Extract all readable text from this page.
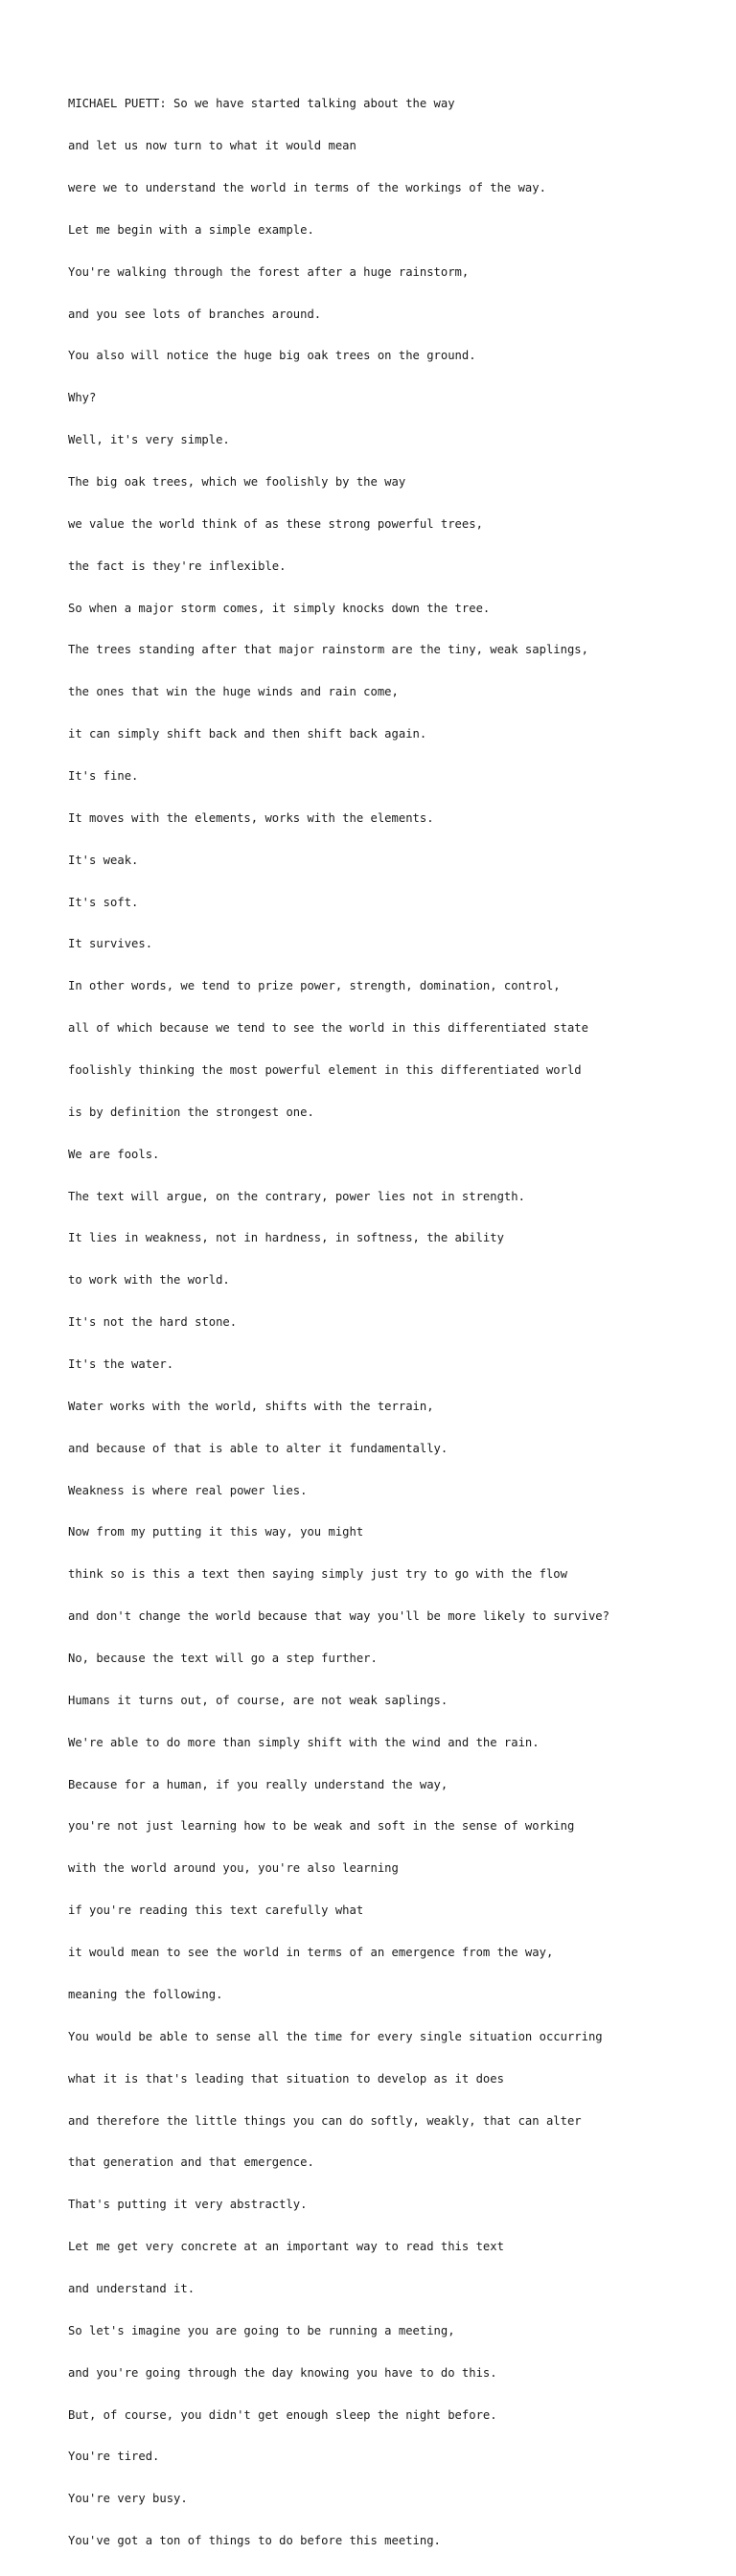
MICHAEL PUETT: So we have started talking about the way

and let us now turn to what it would mean

were we to understand the world in terms of the workings of the way.

Let me begin with a simple example.

You're walking through the forest after a huge rainstorm,

and you see lots of branches around.

You also will notice the huge big oak trees on the ground.

Why?

Well, it's very simple.

The big oak trees, which we foolishly by the way

we value the world think of as these strong powerful trees,

the fact is they're inflexible.

So when a major storm comes, it simply knocks down the tree.

The trees standing after that major rainstorm are the tiny, weak saplings,

the ones that win the huge winds and rain come,

it can simply shift back and then shift back again.

It's fine.

It moves with the elements, works with the elements.

It's weak.

It's soft.

It survives.

In other words, we tend to prize power, strength, domination, control,

all of which because we tend to see the world in this differentiated state

foolishly thinking the most powerful element in this differentiated world

is by definition the strongest one.

We are fools.

The text will argue, on the contrary, power lies not in strength.

It lies in weakness, not in hardness, in softness, the ability

to work with the world.

It's not the hard stone.

It's the water.

Water works with the world, shifts with the terrain,

and because of that is able to alter it fundamentally.

Weakness is where real power lies.

Now from my putting it this way, you might

think so is this a text then saying simply just try to go with the flow

and don't change the world because that way you'll be more likely to survive?

No, because the text will go a step further.

Humans it turns out, of course, are not weak saplings.

We're able to do more than simply shift with the wind and the rain.

Because for a human, if you really understand the way,

you're not just learning how to be weak and soft in the sense of working

with the world around you, you're also learning

if you're reading this text carefully what

it would mean to see the world in terms of an emergence from the way,

meaning the following.

You would be able to sense all the time for every single situation occurring

what it is that's leading that situation to develop as it does

and therefore the little things you can do softly, weakly, that can alter

that generation and that emergence.

That's putting it very abstractly.

Let me get very concrete at an important way to read this text

and understand it.

So let's imagine you are going to be running a meeting,

and you're going through the day knowing you have to do this.

But, of course, you didn't get enough sleep the night before.

You're tired.

You're very busy.

You've got a ton of things to do before this meeting.
